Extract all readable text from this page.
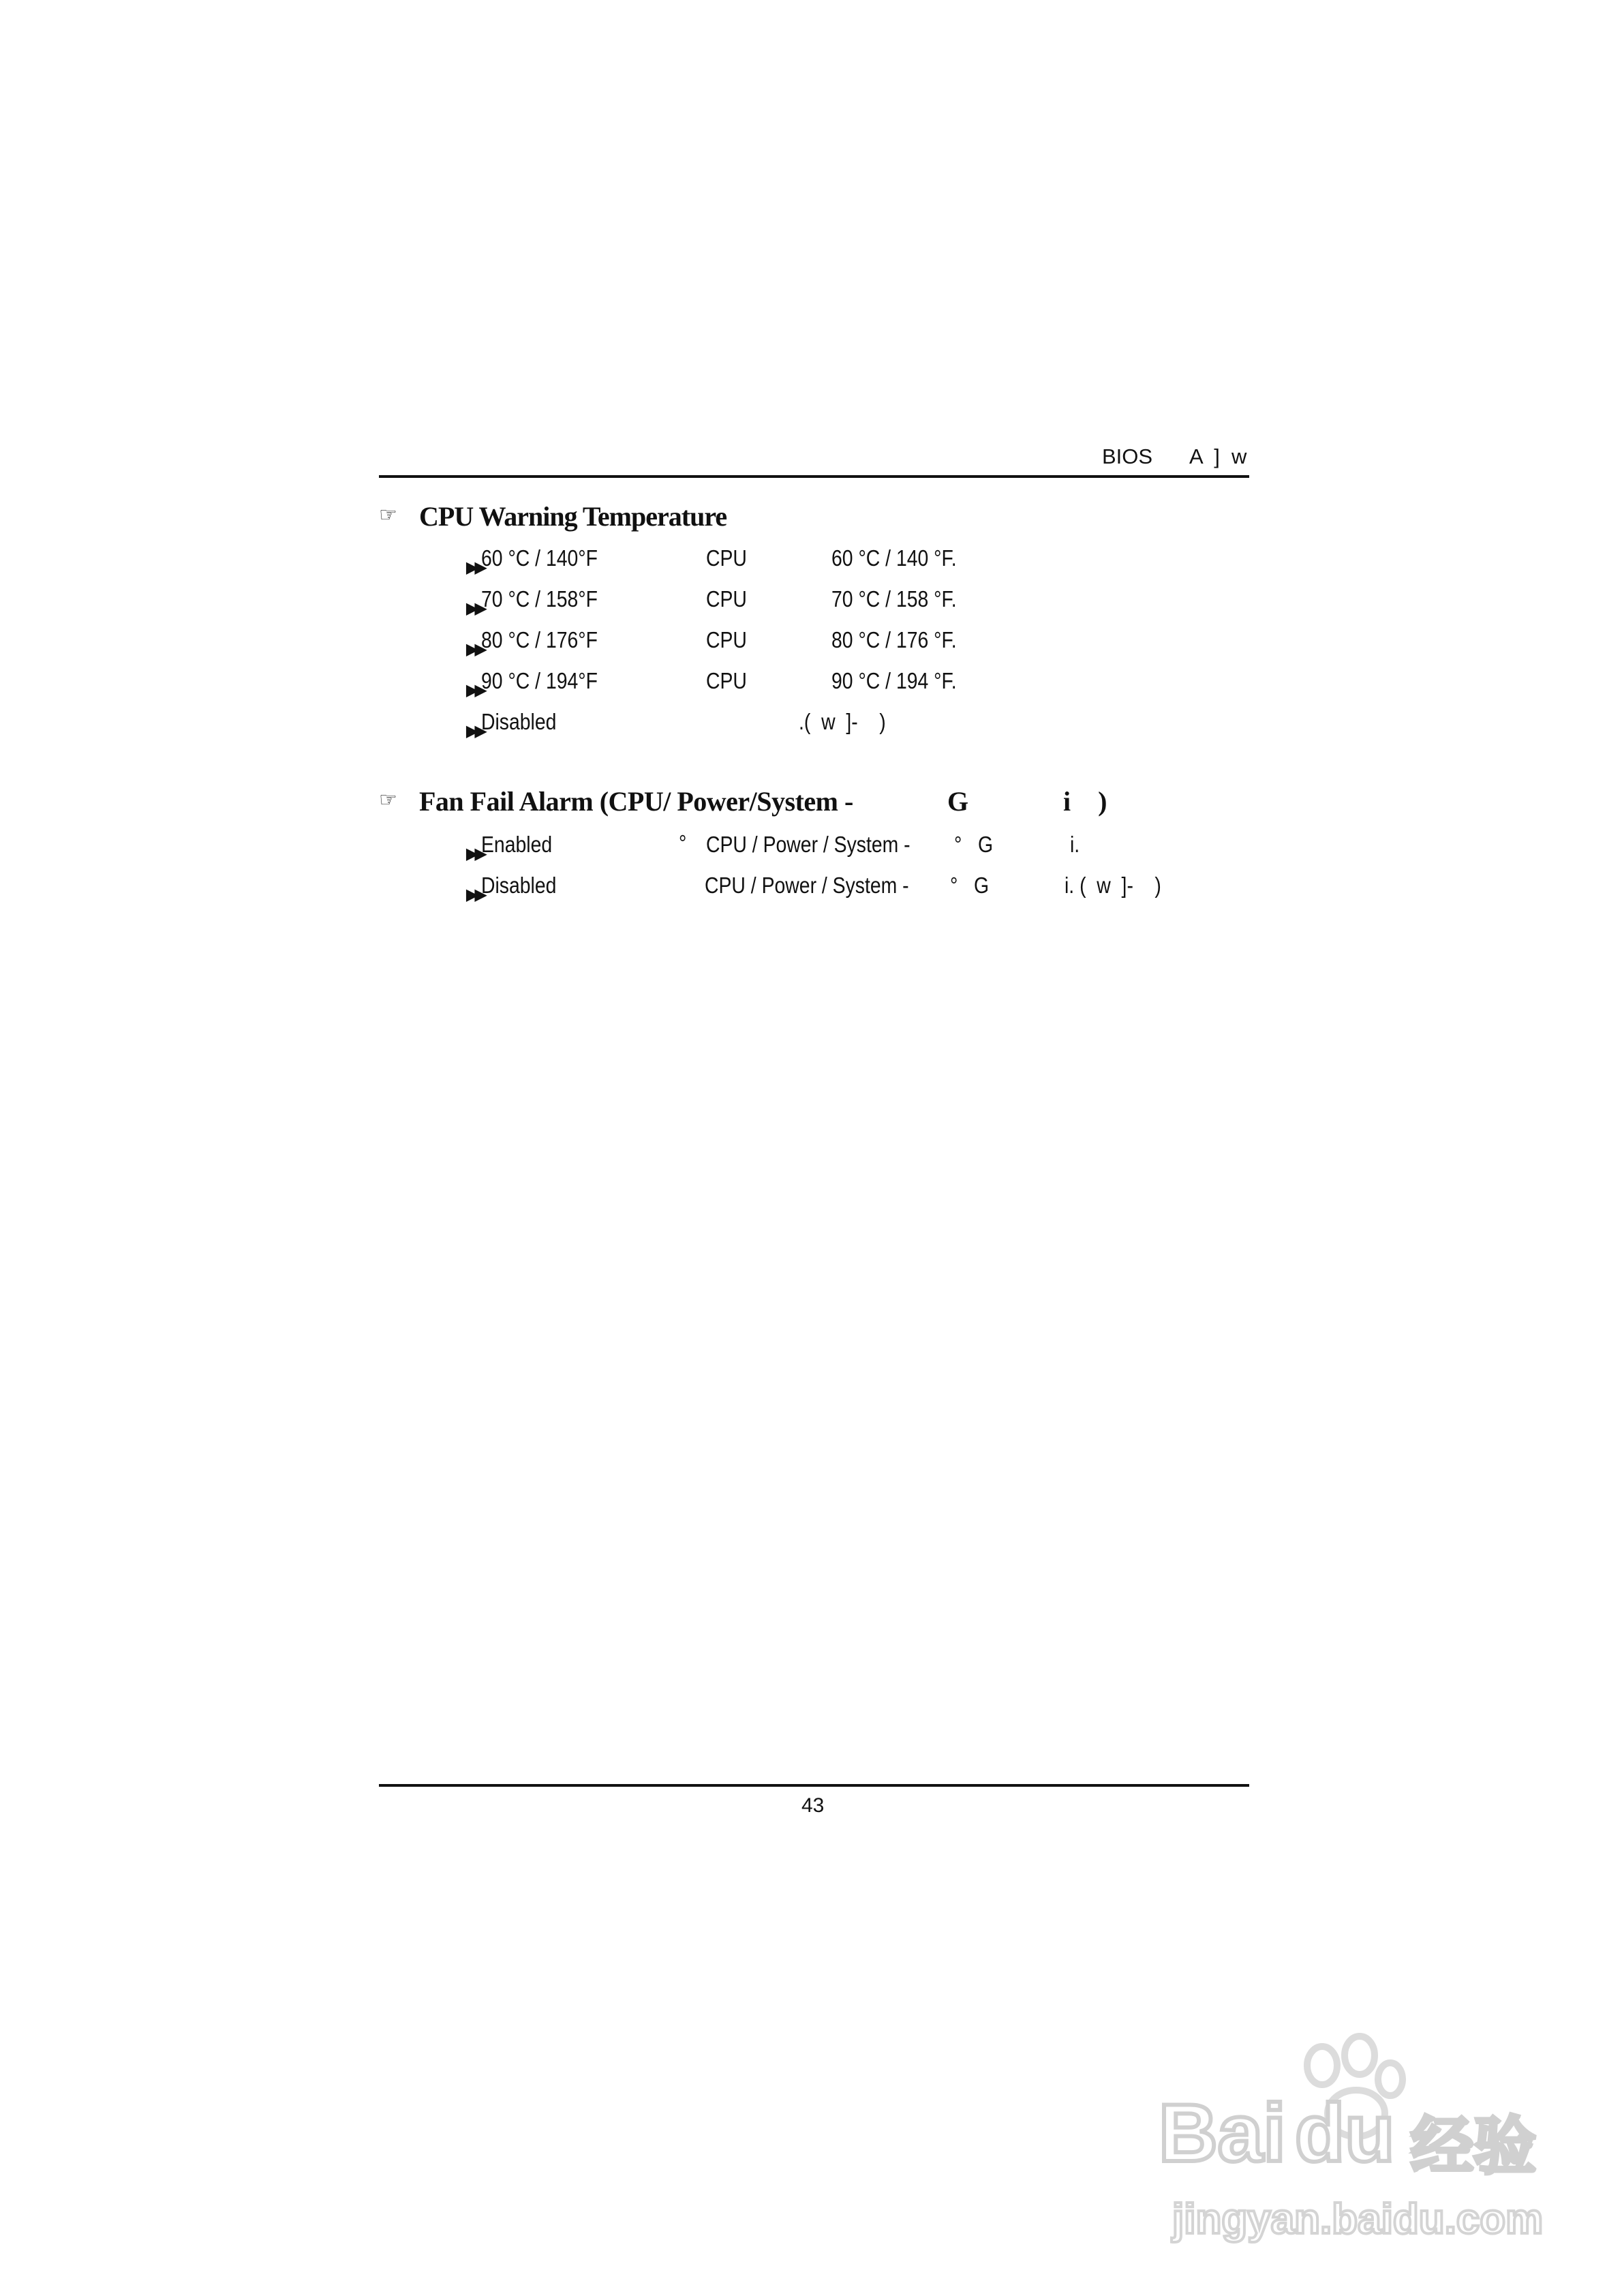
BIOS A  ]  w
☞ CPU Warning Temperature

▶▶

60 °C / 140°F	CPU	60 °C / 140 °F.

▶▶

70 °C / 158°F	CPU	70 °C / 158 °F.

▶▶

80 °C / 176°F	CPU	80 °C / 176 °F.

▶▶

90 °C / 194°F	CPU	90 °C / 194 °F.

▶▶

Disabled	.(  w  ]-    )
☞ Fan Fail Alarm (CPU/ Power/System -	G	i    )

▶▶

Enabled	° CPU / Power / System - °   G	i.

▶▶

Disabled	CPU / Power / System - °   G	i. (  w  ]-    )
43

Bai

du

经验

jingyan.baidu.com
